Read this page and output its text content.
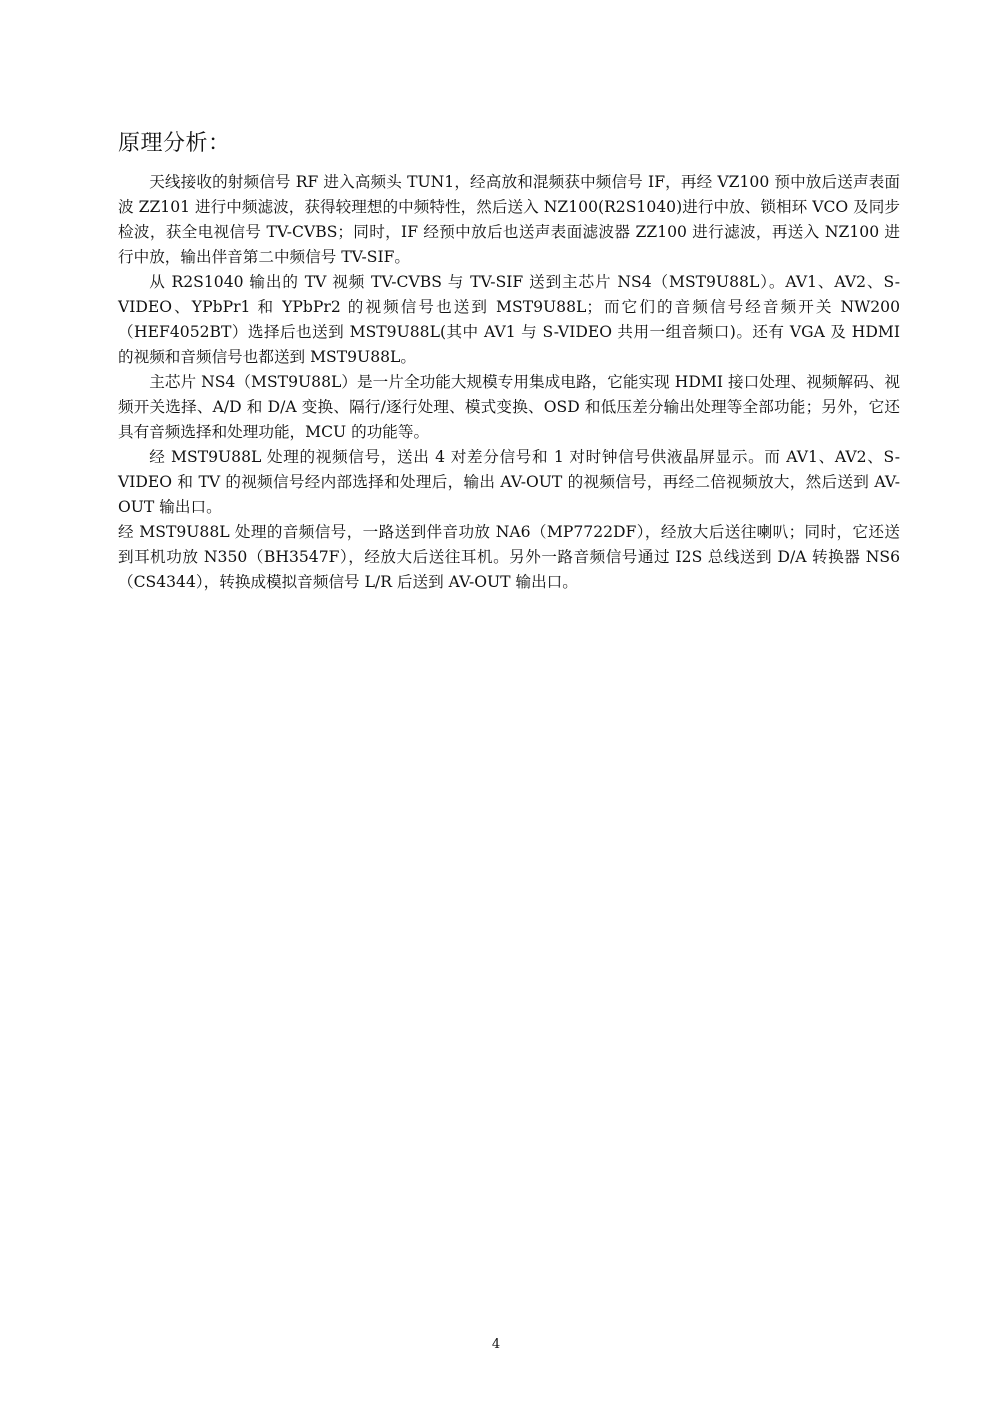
原理分析：

天线接收的射频信号 RF 进入高频头 TUN1，经高放和混频获中频信号 IF，再经 VZ100 预中放后送声表面波 ZZ101 进行中频滤波，获得较理想的中频特性，然后送入 NZ100(R2S1040)进行中放、锁相环 VCO 及同步检波，获全电视信号 TV-CVBS；同时，IF 经预中放后也送声表面滤波器 ZZ100 进行滤波，再送入 NZ100 进行中放，输出伴音第二中频信号 TV-SIF。

从 R2S1040 输出的 TV 视频 TV-CVBS 与 TV-SIF 送到主芯片 NS4（MST9U88L）。AV1、AV2、S-VIDEO、YPbPr1 和 YPbPr2 的视频信号也送到 MST9U88L；而它们的音频信号经音频开关 NW200（HEF4052BT）选择后也送到 MST9U88L(其中 AV1 与 S-VIDEO 共用一组音频口)。还有 VGA 及 HDMI 的视频和音频信号也都送到 MST9U88L。

主芯片 NS4（MST9U88L）是一片全功能大规模专用集成电路，它能实现 HDMI 接口处理、视频解码、视频开关选择、A/D 和 D/A 变换、隔行/逐行处理、模式变换、OSD 和低压差分输出处理等全部功能；另外，它还具有音频选择和处理功能，MCU 的功能等。

经 MST9U88L 处理的视频信号，送出 4 对差分信号和 1 对时钟信号供液晶屏显示。而 AV1、AV2、S-VIDEO 和 TV 的视频信号经内部选择和处理后，输出 AV-OUT 的视频信号，再经二倍视频放大，然后送到 AV-OUT 输出口。

经 MST9U88L 处理的音频信号，一路送到伴音功放 NA6（MP7722DF），经放大后送往喇叭；同时，它还送到耳机功放 N350（BH3547F），经放大后送往耳机。另外一路音频信号通过 I2S 总线送到 D/A 转换器 NS6（CS4344），转换成模拟音频信号 L/R 后送到 AV-OUT 输出口。

4
